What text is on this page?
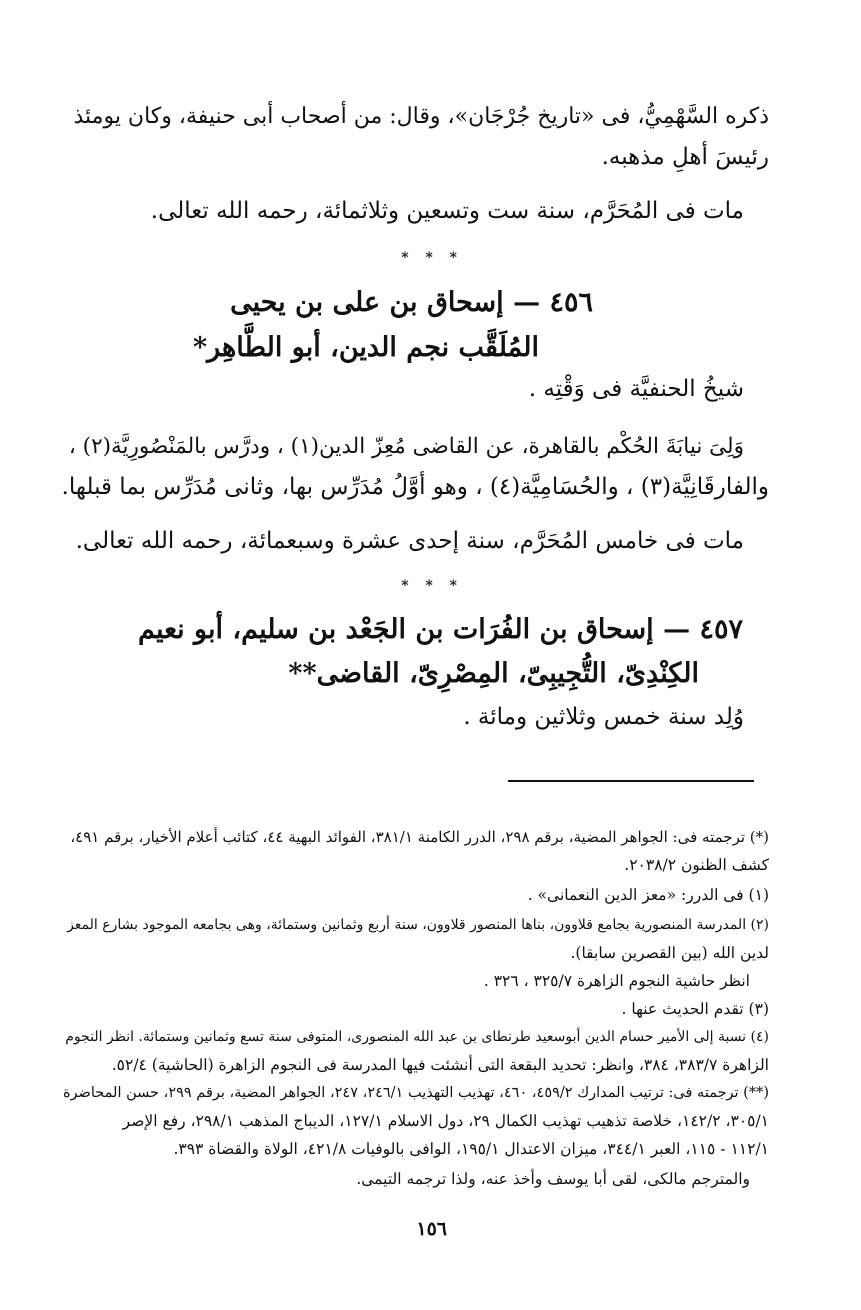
ذكره السَّهْمِيُّ، فى «تاريخ جُرْجَان»، وقال: من أصحاب أبى حنيفة، وكان يومئذ
رئيسَ أهلِ مذهبه.
مات فى المُحَرَّم، سنة ست وتسعين وثلاثمائة، رحمه الله تعالى.
* * *
٤٥٦ — إسحاق بن على بن يحيى
المُلَقَّب نجم الدين، أبو الطَّاهِر*
شيخُ الحنفيَّة فى وَقْتِه .
وَلِىَ نيابَةَ الحُكْم بالقاهرة، عن القاضى مُعِزّ الدين(١) ، ودرَّس بالمَنْصُورِيَّة(٢) ،
والفارقَانِيَّة(٣) ، والحُسَامِيَّة(٤) ، وهو أوَّلُ مُدَرِّس بها، وثانى مُدَرِّس بما قبلها.
مات فى خامس المُحَرَّم، سنة إحدى عشرة وسبعمائة، رحمه الله تعالى.
* * *
٤٥٧ — إسحاق بن الفُرَات بن الجَعْد بن سليم، أبو نعيم
الكِنْدِىّ، التُّجِيبِىّ، المِصْرِىّ، القاضى**
وُلِد سنة خمس وثلاثين ومائة .
(*) ترجمته فى: الجواهر المضية، برقم ٢٩٨، الدرر الكامنة ٣٨١/١، الفوائد البهية ٤٤، كتائب أعلام الأخيار، برقم ٤٩١،
كشف الظنون ٢٠٣٨/٢.
(١) فى الدرر: «معز الدين النعمانى» .
(٢) المدرسة المنصورية بجامع قلاوون، بناها المنصور قلاوون، سنة أربع وثمانين وستمائة، وهى بجامعه الموجود بشارع المعز
لدين الله (بين القصرين سابقا).
انظر حاشية النجوم الزاهرة ٣٢٥/٧ ، ٣٢٦ .
(٣) تقدم الحديث عنها .
(٤) نسبة إلى الأمير حسام الدين أبوسعيد طرنطاى بن عبد الله المنصورى، المتوفى سنة تسع وثمانين وستمائة. انظر النجوم
الزاهرة ٣٨٣/٧، ٣٨٤، وانظر: تحديد البقعة التى أنشئت فيها المدرسة فى النجوم الزاهرة (الحاشية) ٥٢/٤.
(**) ترجمته فى: ترتيب المدارك ٤٥٩/٢، ٤٦٠، تهذيب التهذيب ٢٤٦/١، ٢٤٧، الجواهر المضية، برقم ٢٩٩، حسن المحاضرة
٣٠٥/١، ١٤٢/٢، خلاصة تذهيب تهذيب الكمال ٢٩، دول الاسلام ١٢٧/١، الديباج المذهب ٢٩٨/١، رفع الإصر
١١٢/١ - ١١٥، العبر ٣٤٤/١، ميزان الاعتدال ١٩٥/١، الوافى بالوفيات ٤٢١/٨، الولاة والقضاة ٣٩٣.
والمترجم مالكى، لقى أبا يوسف وأخذ عنه، ولذا ترجمه التيمى.
١٥٦
